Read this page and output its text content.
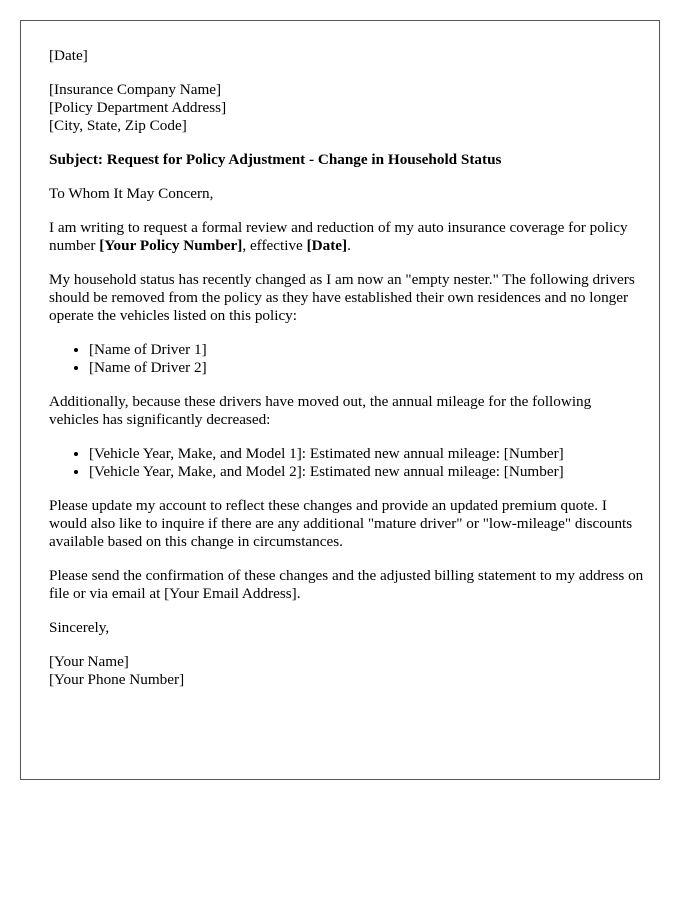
[Date]

[Insurance Company Name]
[Policy Department Address]
[City, State, Zip Code]

Subject: Request for Policy Adjustment - Change in Household Status

To Whom It May Concern,

I am writing to request a formal review and reduction of my auto insurance coverage for policy number [Your Policy Number], effective [Date].

My household status has recently changed as I am now an "empty nester." The following drivers should be removed from the policy as they have established their own residences and no longer operate the vehicles listed on this policy:

• [Name of Driver 1]
• [Name of Driver 2]

Additionally, because these drivers have moved out, the annual mileage for the following vehicles has significantly decreased:

• [Vehicle Year, Make, and Model 1]: Estimated new annual mileage: [Number]
• [Vehicle Year, Make, and Model 2]: Estimated new annual mileage: [Number]

Please update my account to reflect these changes and provide an updated premium quote. I would also like to inquire if there are any additional "mature driver" or "low-mileage" discounts available based on this change in circumstances.

Please send the confirmation of these changes and the adjusted billing statement to my address on file or via email at [Your Email Address].

Sincerely,

[Your Name]
[Your Phone Number]
